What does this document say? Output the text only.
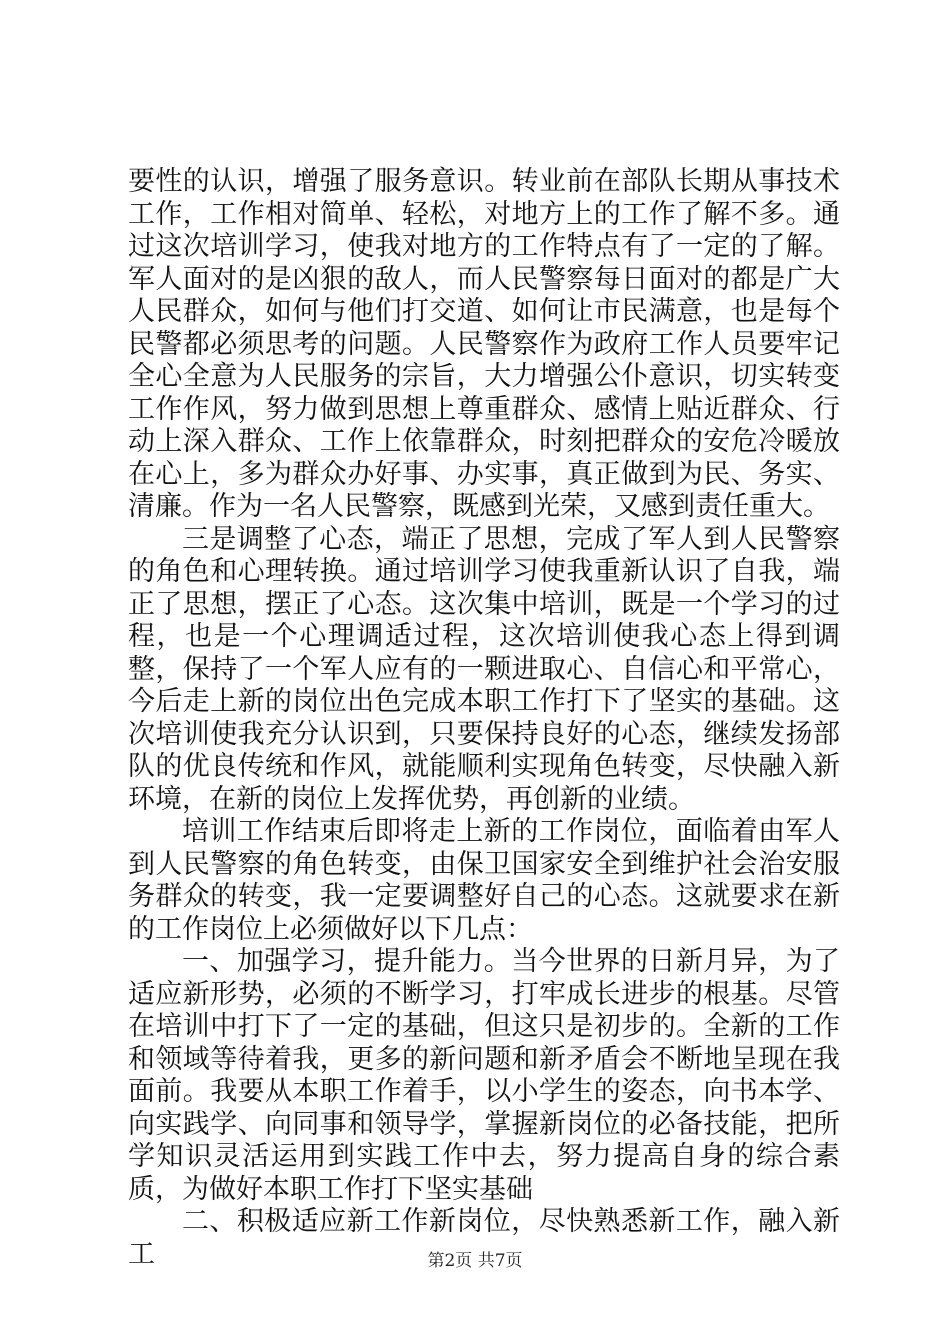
要性的认识，增强了服务意识。转业前在部队长期从事技术工作，工作相对简单、轻松，对地方上的工作了解不多。通过这次培训学习，使我对地方的工作特点有了一定的了解。军人面对的是凶狠的敌人，而人民警察每日面对的都是广大人民群众，如何与他们打交道、如何让市民满意，也是每个民警都必须思考的问题。人民警察作为政府工作人员要牢记全心全意为人民服务的宗旨，大力增强公仆意识，切实转变工作作风，努力做到思想上尊重群众、感情上贴近群众、行动上深入群众、工作上依靠群众，时刻把群众的安危冷暖放在心上，多为群众办好事、办实事，真正做到为民、务实、清廉。作为一名人民警察，既感到光荣，又感到责任重大。

三是调整了心态，端正了思想，完成了军人到人民警察的角色和心理转换。通过培训学习使我重新认识了自我，端正了思想，摆正了心态。这次集中培训，既是一个学习的过程，也是一个心理调适过程，这次培训使我心态上得到调整，保持了一个军人应有的一颗进取心、自信心和平常心，今后走上新的岗位出色完成本职工作打下了坚实的基础。这次培训使我充分认识到，只要保持良好的心态，继续发扬部队的优良传统和作风，就能顺利实现角色转变，尽快融入新环境，在新的岗位上发挥优势，再创新的业绩。

培训工作结束后即将走上新的工作岗位，面临着由军人到人民警察的角色转变，由保卫国家安全到维护社会治安服务群众的转变，我一定要调整好自己的心态。这就要求在新的工作岗位上必须做好以下几点：

一、加强学习，提升能力。当今世界的日新月异，为了适应新形势，必须的不断学习，打牢成长进步的根基。尽管在培训中打下了一定的基础，但这只是初步的。全新的工作和领域等待着我，更多的新问题和新矛盾会不断地呈现在我面前。我要从本职工作着手，以小学生的姿态，向书本学、向实践学、向同事和领导学，掌握新岗位的必备技能，把所学知识灵活运用到实践工作中去，努力提高自身的综合素质，为做好本职工作打下坚实基础

二、积极适应新工作新岗位，尽快熟悉新工作，融入新工	第2页 共7页
